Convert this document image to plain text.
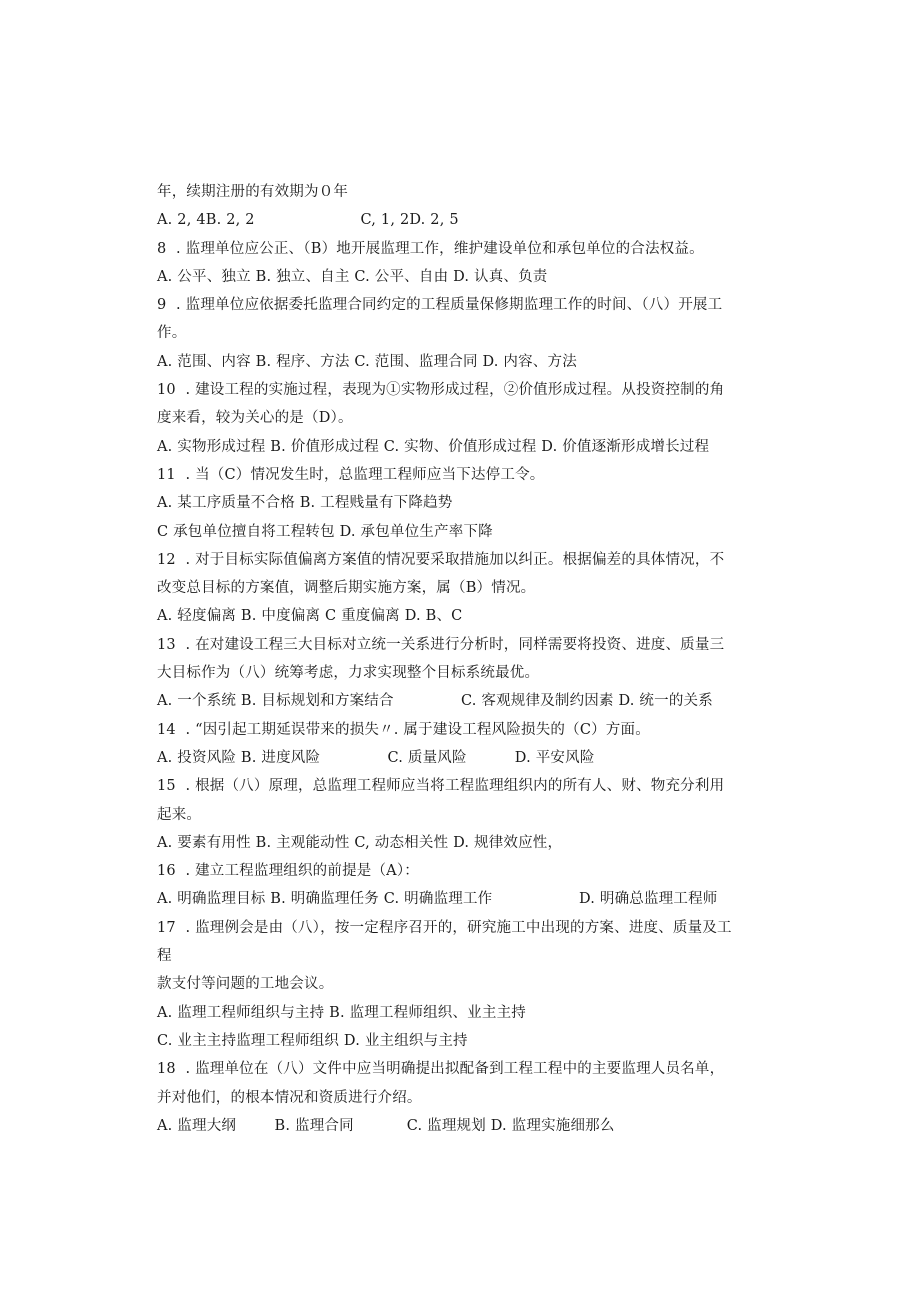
年，续期注册的有效期为０年
A. 2, 4B. 2, 2                      C, 1, 2D. 2, 5
8  . 监理单位应公正、（B）地开展监理工作，维护建设单位和承包单位的合法权益。
A. 公平、独立 B. 独立、自主 C. 公平、自由 D. 认真、负责
9  . 监理单位应依据委托监理合同约定的工程质量保修期监理工作的时间、（八）开展工
作。
A. 范围、内容 B. 程序、方法 C. 范围、监理合同 D. 内容、方法
10  . 建设工程的实施过程，表现为①实物形成过程，②价值形成过程。从投资控制的角
度来看，较为关心的是（D）。
A. 实物形成过程 B. 价值形成过程 C. 实物、价值形成过程 D. 价值逐渐形成增长过程
11  . 当（C）情况发生时，总监理工程师应当下达停工令。
A. 某工序质量不合格 B. 工程贱量有下降趋势
C 承包单位擅自将工程转包 D. 承包单位生产率下降
12  . 对于目标实际值偏离方案值的情况要采取措施加以纠正。根据偏差的具体情况，不
改变总目标的方案值，调整后期实施方案，属（B）情况。
A. 轻度偏离 B. 中度偏离 C 重度偏离 D. B、C
13  . 在对建设工程三大目标对立统一关系进行分析时，同样需要将投资、进度、质量三
大目标作为（八）统筹考虑，力求实现整个目标系统最优。
A. 一个系统 B. 目标规划和方案结合              C. 客观规律及制约因素 D. 统一的关系
14  . “因引起工期延误带来的损失〃. 属于建设工程风险损失的（C）方面。
A. 投资风险 B. 进度风险              C. 质量风险          D. 平安风险
15  . 根据（八）原理，总监理工程师应当将工程监理组织内的所有人、财、物充分利用
起来。
A. 要素有用性 B. 主观能动性 C, 动态相关性 D. 规律效应性，
16  . 建立工程监理组织的前提是（A）：
A. 明确监理目标 B. 明确监理任务 C. 明确监理工作                  D. 明确总监理工程师
17  . 监理例会是由（八），按一定程序召开的，研究施工中出现的方案、进度、质量及工
程
款支付等问题的工地会议。
A. 监理工程师组织与主持 B. 监理工程师组织、业主主持
C. 业主主持监理工程师组织 D. 业主组织与主持
18  . 监理单位在（八）文件中应当明确提出拟配备到工程工程中的主要监理人员名单，
并对他们，的根本情况和资质进行介绍。
A. 监理大纲        B. 监理合同           C. 监理规划 D. 监理实施细那么
